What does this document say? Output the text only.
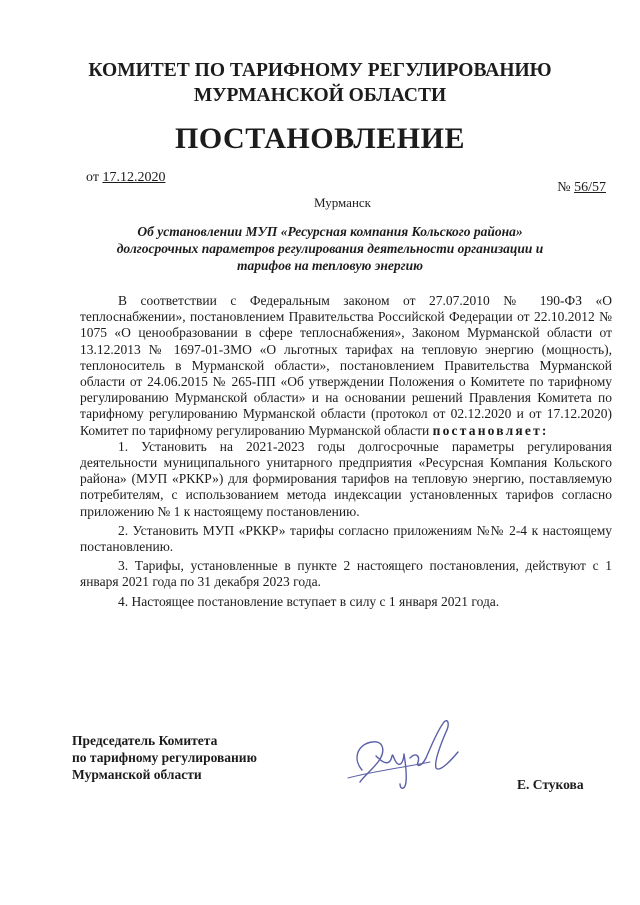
КОМИТЕТ ПО ТАРИФНОМУ РЕГУЛИРОВАНИЮ
МУРМАНСКОЙ ОБЛАСТИ
ПОСТАНОВЛЕНИЕ
от 17.12.2020
№ 56/57
Мурманск
Об установлении МУП «Ресурсная компания Кольского района»
долгосрочных параметров регулирования деятельности организации и
тарифов на тепловую энергию

В соответствии с Федеральным законом от 27.07.2010 № 190-ФЗ «О теплоснабжении», постановлением Правительства Российской Федерации от 22.10.2012 № 1075 «О ценообразовании в сфере теплоснабжения», Законом Мурманской области от 13.12.2013 № 1697-01-ЗМО «О льготных тарифах на тепловую энергию (мощность), теплоноситель в Мурманской области», постановлением Правительства Мурманской области от 24.06.2015 № 265-ПП «Об утверждении Положения о Комитете по тарифному регулированию Мурманской области» и на основании решений Правления Комитета по тарифному регулированию Мурманской области (протокол от 02.12.2020 и от 17.12.2020) Комитет по тарифному регулированию Мурманской области постановляет:

1. Установить на 2021-2023 годы долгосрочные параметры регулирования деятельности муниципального унитарного предприятия «Ресурсная Компания Кольского района» (МУП «РККР») для формирования тарифов на тепловую энергию, поставляемую потребителям, с использованием метода индексации установленных тарифов согласно приложению № 1 к настоящему постановлению.

2. Установить МУП «РККР» тарифы согласно приложениям №№ 2-4 к настоящему постановлению.

3. Тарифы, установленные в пункте 2 настоящего постановления, действуют с 1 января 2021 года по 31 декабря 2023 года.

4. Настоящее постановление вступает в силу с 1 января 2021 года.

Председатель Комитета
по тарифному регулированию
Мурманской области
Е. Стукова
